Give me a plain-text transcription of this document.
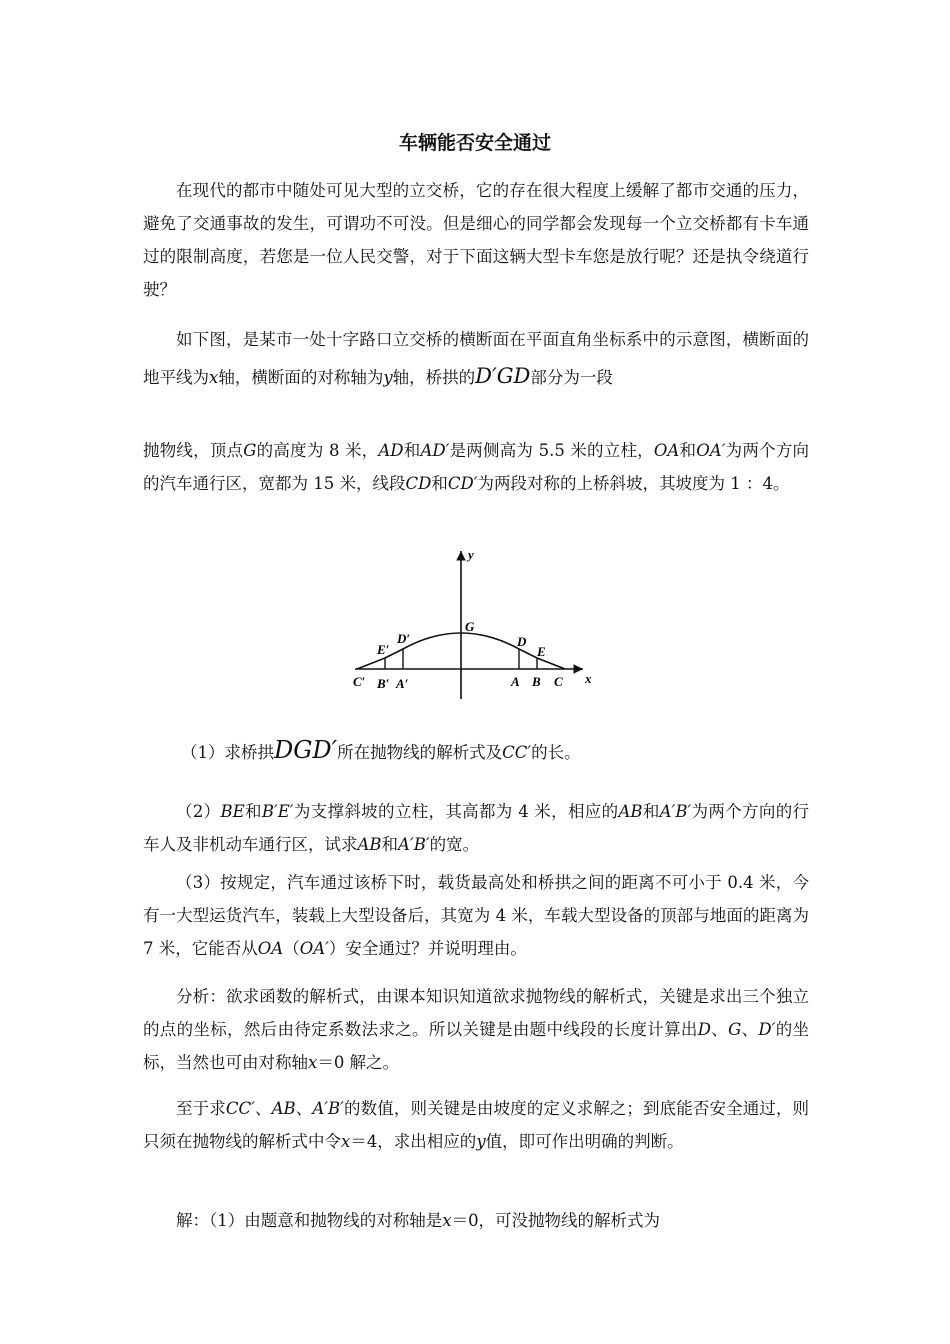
车辆能否安全通过

在现代的都市中随处可见大型的立交桥，它的存在很大程度上缓解了都市交通的压力，避免了交通事故的发生，可谓功不可没。但是细心的同学都会发现每一个立交桥都有卡车通过的限制高度，若您是一位人民交警，对于下面这辆大型卡车您是放行呢？还是执令绕道行驶？

如下图，是某市一处十字路口立交桥的横断面在平面直角坐标系中的示意图，横断面的地平线为x轴，横断面的对称轴为y轴，桥拱的D′GD部分为一段

抛物线，顶点G的高度为 8 米，AD和AD′是两侧高为 5.5 米的立柱，OA和OA′为两个方向的汽车通行区，宽都为 15 米，线段CD和CD′为两段对称的上桥斜坡，其坡度为 1 ：4。

y
x
G
D
E
D′
E′
A B C
A′
B′
C′

（1）求桥拱DGD′所在抛物线的解析式及CC′的长。

（2）BE和B′E′为支撑斜坡的立柱，其高都为 4 米，相应的AB和A′B′为两个方向的行车人及非机动车通行区，试求AB和A′B′的宽。

（3）按规定，汽车通过该桥下时，载货最高处和桥拱之间的距离不可小于 0.4 米，今有一大型运货汽车，装载上大型设备后，其宽为 4 米，车载大型设备的顶部与地面的距离为 7 米，它能否从OA（OA′）安全通过？并说明理由。

分析：欲求函数的解析式，由课本知识知道欲求抛物线的解析式，关键是求出三个独立的点的坐标，然后由待定系数法求之。所以关键是由题中线段的长度计算出D、G、D′的坐标，当然也可由对称轴x＝0 解之。

至于求CC′、AB、A′B′的数值，则关键是由坡度的定义求解之；到底能否安全通过，则只须在抛物线的解析式中令x＝4，求出相应的y值，即可作出明确的判断。

解：（1）由题意和抛物线的对称轴是x＝0，可没抛物线的解析式为
